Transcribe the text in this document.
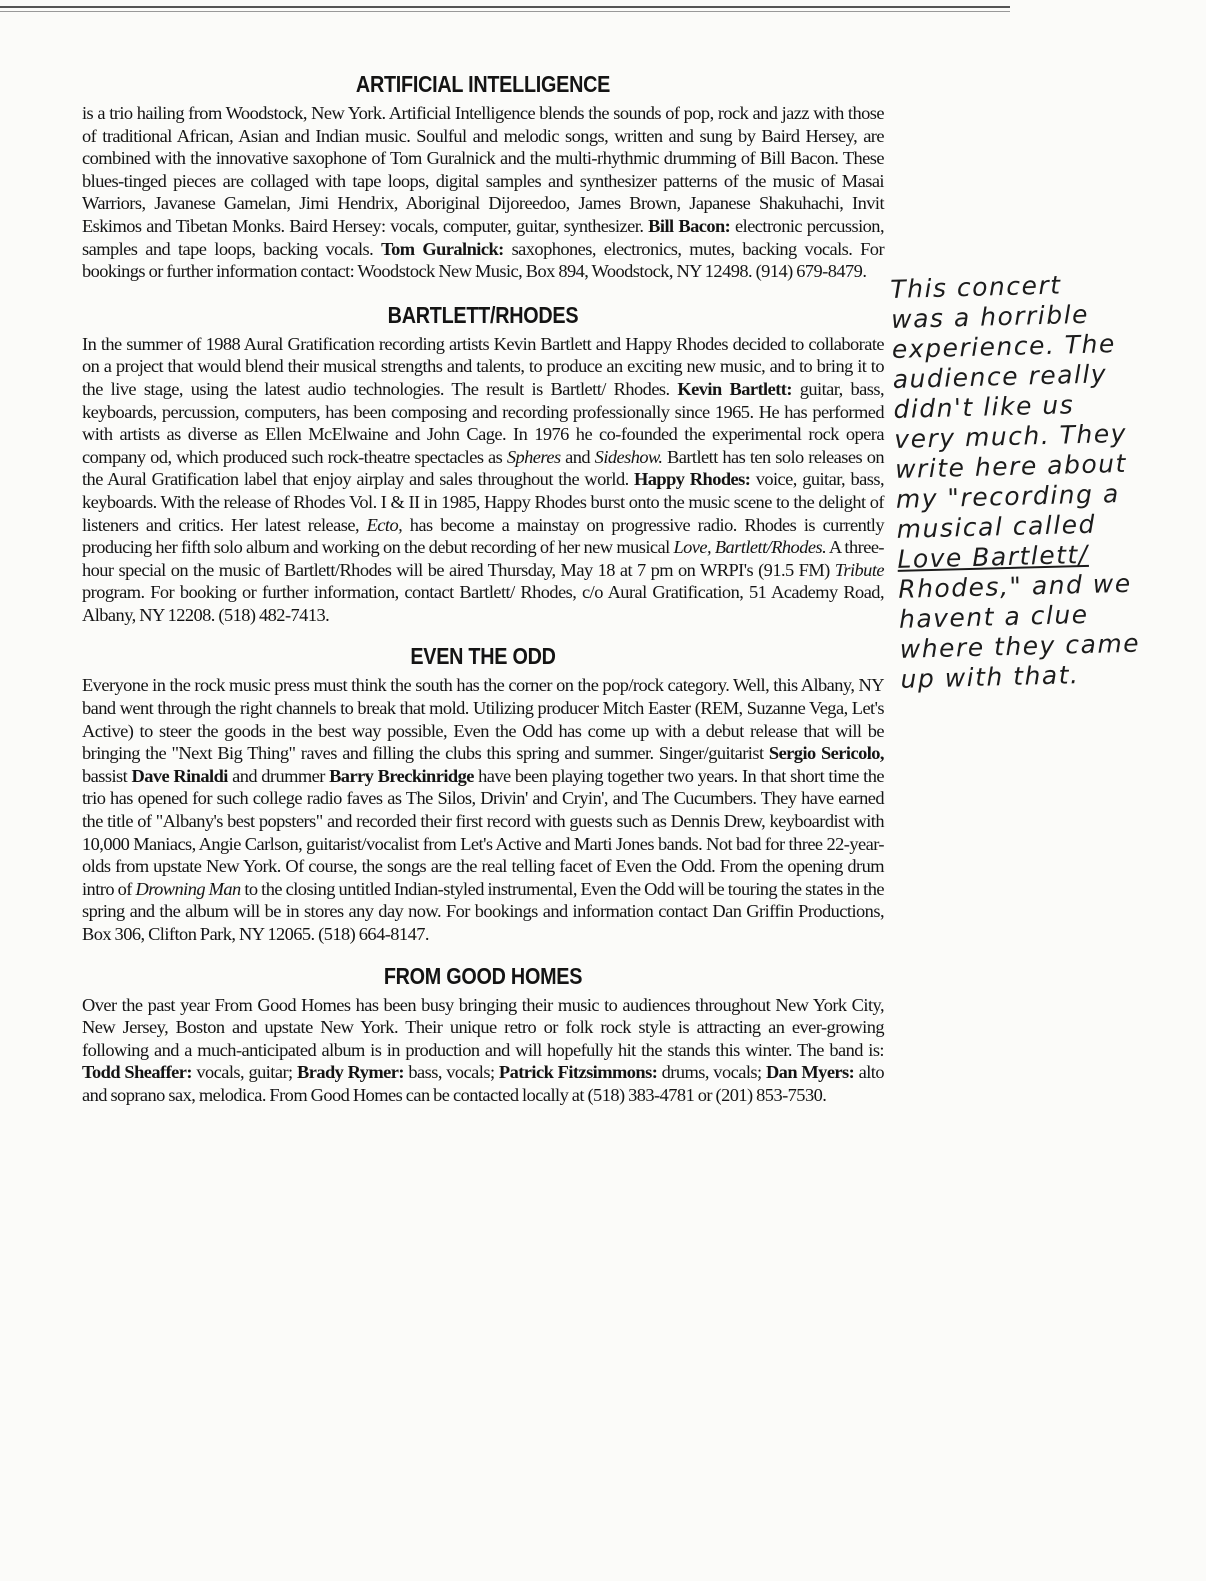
ARTIFICIAL INTELLIGENCE

is a trio hailing from Woodstock, New York. Artificial Intelligence blends the sounds of pop, rock and jazz with those of traditional African, Asian and Indian music. Soulful and melodic songs, written and sung by Baird Hersey, are combined with the innovative saxophone of Tom Guralnick and the multi-rhythmic drumming of Bill Bacon. These blues-tinged pieces are collaged with tape loops, digital samples and synthesizer patterns of the music of Masai Warriors, Javanese Gamelan, Jimi Hendrix, Aboriginal Dijoreedoo, James Brown, Japanese Shakuhachi, Invit Eskimos and Tibetan Monks. Baird Hersey: vocals, computer, guitar, synthesizer. Bill Bacon: electronic percussion, samples and tape loops, backing vocals. Tom Guralnick: saxophones, electronics, mutes, backing vocals. For bookings or further information contact: Woodstock New Music, Box 894, Woodstock, NY 12498. (914) 679-8479.

BARTLETT/RHODES

In the summer of 1988 Aural Gratification recording artists Kevin Bartlett and Happy Rhodes decided to collaborate on a project that would blend their musical strengths and talents, to produce an exciting new music, and to bring it to the live stage, using the latest audio technologies. The result is Bartlett/ Rhodes. Kevin Bartlett: guitar, bass, keyboards, percussion, computers, has been composing and recording professionally since 1965. He has performed with artists as diverse as Ellen McElwaine and John Cage. In 1976 he co-founded the experimental rock opera company od, which produced such rock-theatre spectacles as Spheres and Sideshow. Bartlett has ten solo releases on the Aural Gratification label that enjoy airplay and sales throughout the world. Happy Rhodes: voice, guitar, bass, keyboards. With the release of Rhodes Vol. I & II in 1985, Happy Rhodes burst onto the music scene to the delight of listeners and critics. Her latest release, Ecto, has become a mainstay on progressive radio. Rhodes is currently producing her fifth solo album and working on the debut recording of her new musical Love, Bartlett/Rhodes. A three-hour special on the music of Bartlett/Rhodes will be aired Thursday, May 18 at 7 pm on WRPI's (91.5 FM) Tribute program. For booking or further information, contact Bartlett/ Rhodes, c/o Aural Gratification, 51 Academy Road, Albany, NY 12208. (518) 482-7413.

EVEN THE ODD

Everyone in the rock music press must think the south has the corner on the pop/rock category. Well, this Albany, NY band went through the right channels to break that mold. Utilizing producer Mitch Easter (REM, Suzanne Vega, Let's Active) to steer the goods in the best way possible, Even the Odd has come up with a debut release that will be bringing the "Next Big Thing" raves and filling the clubs this spring and summer. Singer/guitarist Sergio Sericolo, bassist Dave Rinaldi and drummer Barry Breckinridge have been playing together two years. In that short time the trio has opened for such college radio faves as The Silos, Drivin' and Cryin', and The Cucumbers. They have earned the title of "Albany's best popsters" and recorded their first record with guests such as Dennis Drew, keyboardist with 10,000 Maniacs, Angie Carlson, guitarist/vocalist from Let's Active and Marti Jones bands. Not bad for three 22-year-olds from upstate New York. Of course, the songs are the real telling facet of Even the Odd. From the opening drum intro of Drowning Man to the closing untitled Indian-styled instrumental, Even the Odd will be touring the states in the spring and the album will be in stores any day now. For bookings and information contact Dan Griffin Productions, Box 306, Clifton Park, NY 12065. (518) 664-8147.

FROM GOOD HOMES

Over the past year From Good Homes has been busy bringing their music to audiences throughout New York City, New Jersey, Boston and upstate New York. Their unique retro or folk rock style is attracting an ever-growing following and a much-anticipated album is in production and will hopefully hit the stands this winter. The band is: Todd Sheaffer: vocals, guitar; Brady Rymer: bass, vocals; Patrick Fitzsimmons: drums, vocals; Dan Myers: alto and soprano sax, melodica. From Good Homes can be contacted locally at (518) 383-4781 or (201) 853-7530.

This concert
was a horrible
experience. The
audience really
didn't like us
very much. They
write here about
my "recording a
musical called
Love Bartlett/
Rhodes," and we
havent a clue
where they came
up with that.
